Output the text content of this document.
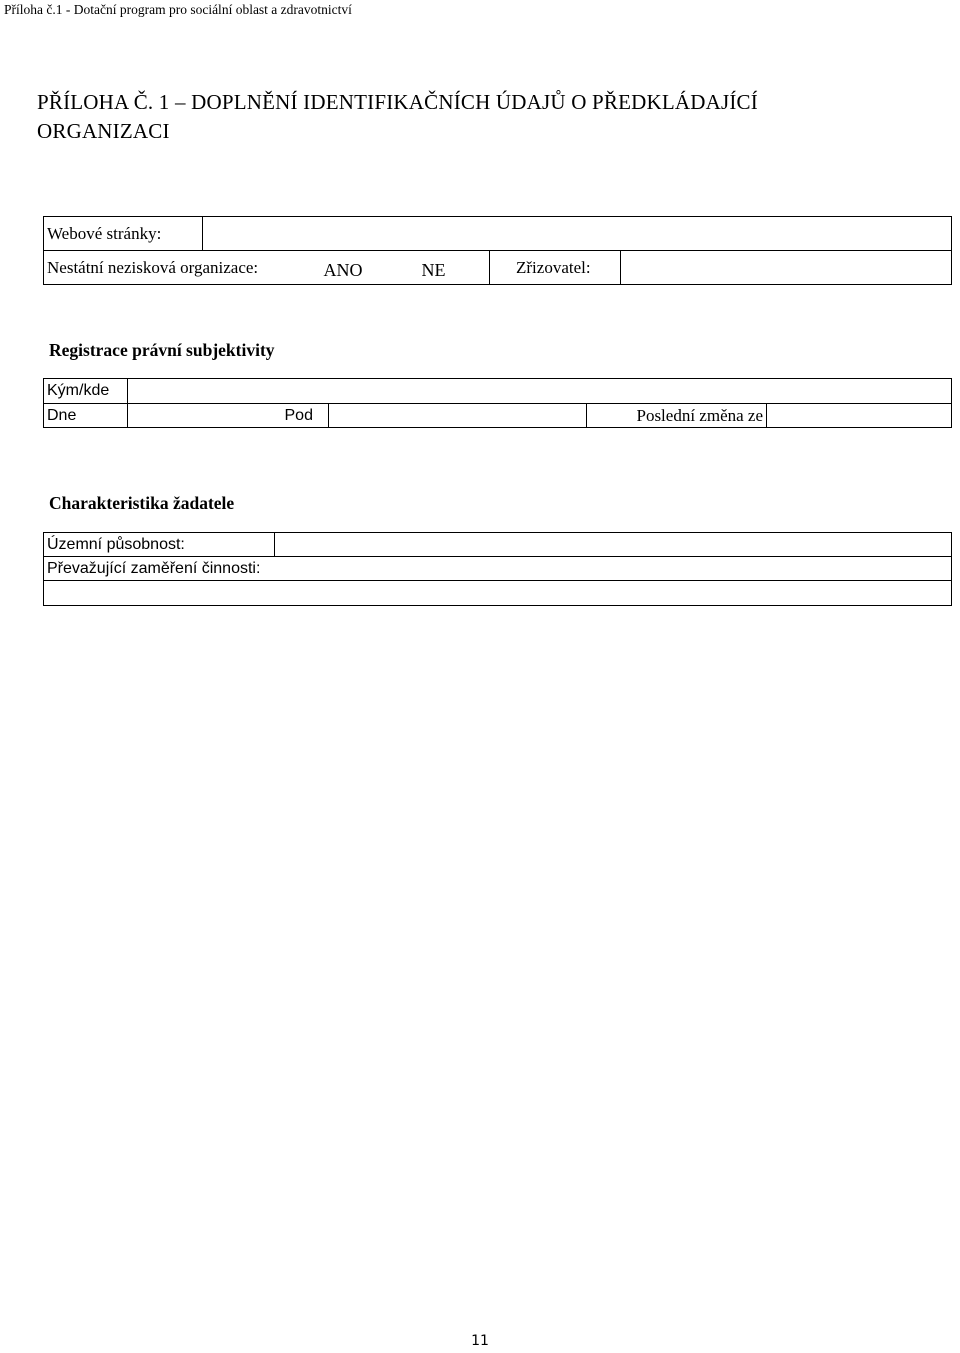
Příloha č.1 - Dotační program pro sociální oblast a zdravotnictví
PŘÍLOHA Č. 1 – DOPLNĚNÍ IDENTIFIKAČNÍCH ÚDAJŮ O PŘEDKLÁDAJÍCÍ
ORGANIZACI
Webové stránky:					
Nestátní nezisková organizace:		ANO	NE	Zřizovatel:	
Registrace právní subjektivity
Kým/kde					
Dne		Pod		Poslední změna ze	
Charakteristika žadatele
Územní působnost:	
Převažující zaměření činnosti:

11
